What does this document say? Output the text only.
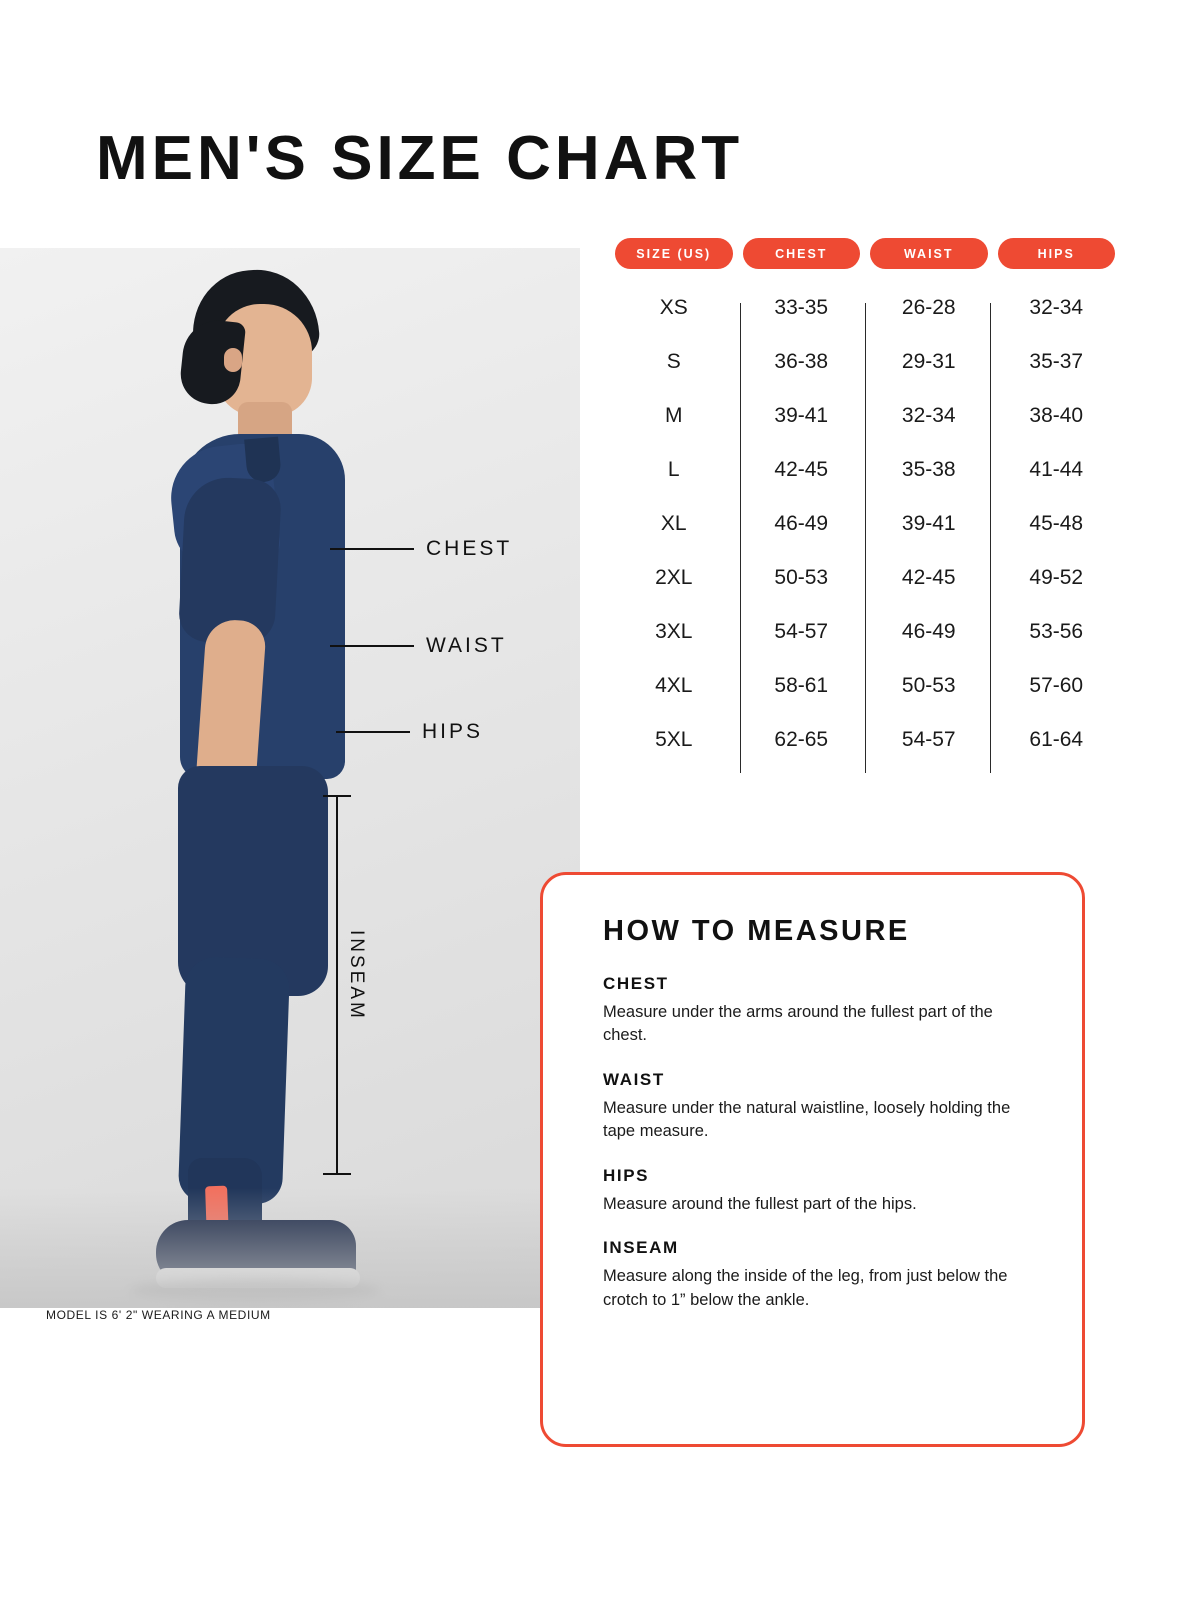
MEN'S SIZE CHART
MODEL IS 6' 2" WEARING A MEDIUM
CHEST
WAIST
HIPS
INSEAM
SIZE (US)	CHEST	WAIST	HIPS
XS	33-35	26-28	32-34
S	36-38	29-31	35-37
M	39-41	32-34	38-40
L	42-45	35-38	41-44
XL	46-49	39-41	45-48
2XL	50-53	42-45	49-52
3XL	54-57	46-49	53-56
4XL	58-61	50-53	57-60
5XL	62-65	54-57	61-64
HOW TO MEASURE
CHEST

Measure under the arms around the fullest part of the chest.

WAIST

Measure under the natural waistline, loosely holding the tape measure.

HIPS

Measure around the fullest part of the hips.

INSEAM

Measure along the inside of the leg, from just below the crotch to 1” below the ankle.
